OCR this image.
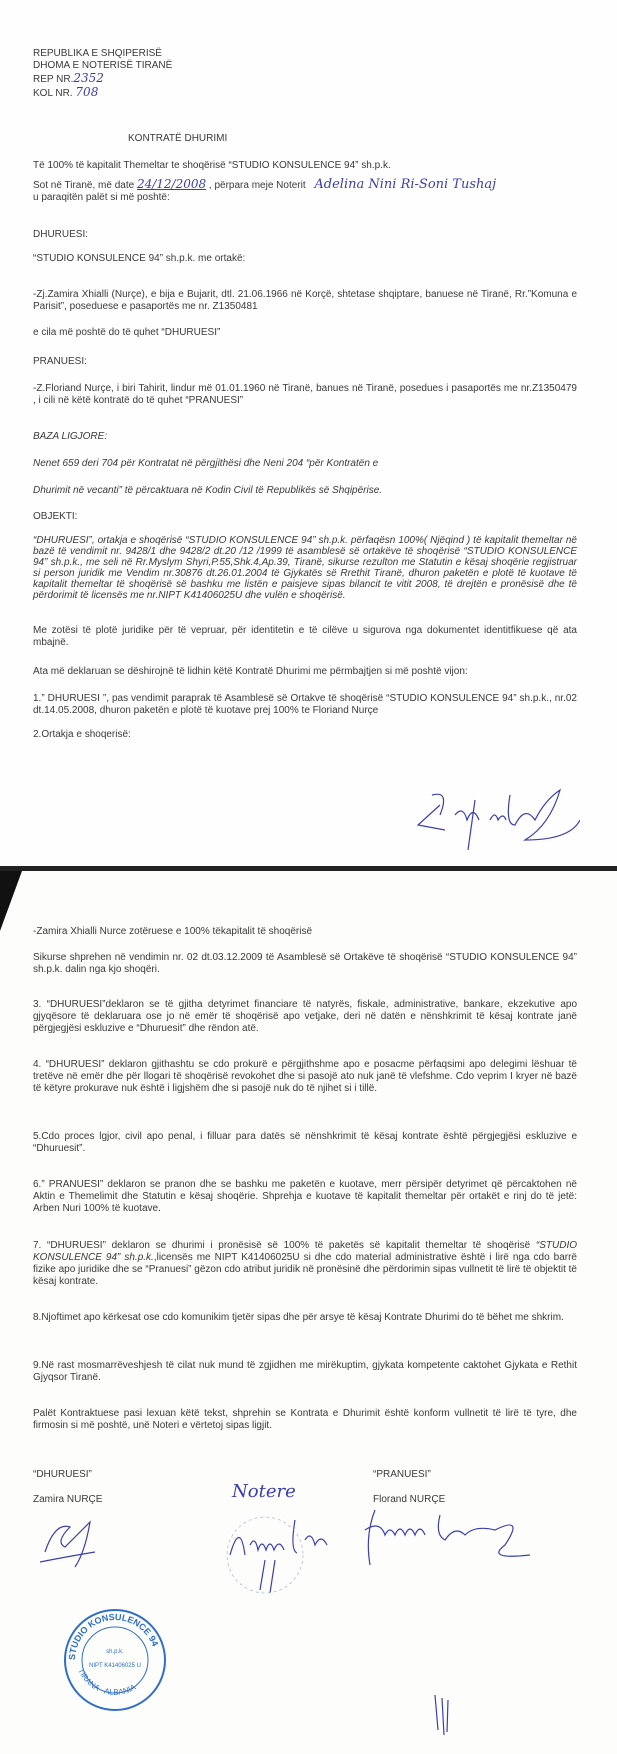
REPUBLIKA E SHQIPERISË
DHOMA E NOTERISË TIRANË
REP NR.2352
KOL NR. 708
KONTRATË DHURIMI
Të 100% të kapitalit Themeltar te shoqërisë “STUDIO KONSULENCE 94” sh.p.k.
Sot në Tiranë, më date 24/12/2008 , përpara meje Noterit Adelina Nini Ri-Soni Tushaj
u paraqitën palët si më poshtë:
DHURUESI:
“STUDIO KONSULENCE 94” sh.p.k. me ortakë:
-Zj.Zamira Xhialli (Nurçe), e bija e Bujarit, dtl. 21.06.1966 në Korçë, shtetase shqiptare, banuese në Tiranë, Rr.”Komuna e Parisit”, poseduese e pasaportës me nr. Z1350481
e cila më poshtë do të quhet “DHURUESI”
PRANUESI:
-Z.Floriand Nurçe, i biri Tahirit, lindur më 01.01.1960 në Tiranë, banues në Tiranë, posedues i pasaportës me nr.Z1350479 , i cili në këtë kontratë do të quhet “PRANUESI”
BAZA LIGJORE:
Nenet 659 deri 704 për Kontratat në përgjithësi dhe Neni 204 “për Kontratën e
Dhurimit në vecanti” të përcaktuara në Kodin Civil të Republikës së Shqipërise.
OBJEKTI:
“DHURUESI”, ortakja e shoqërisë “STUDIO KONSULENCE 94” sh.p.k. përfaqësn 100%( Njëqind ) të kapitalit themeltar në bazë të vendimit nr. 9428/1 dhe 9428/2 dt.20 /12 /1999 të asamblesë së ortakëve të shoqërisë “STUDIO KONSULENCE 94” sh.p.k., me seli në Rr.Myslym Shyri,P.55,Shk.4,Ap.39, Tiranë, sikurse rezulton me Statutin e kësaj shoqërie regjistruar si person juridik me Vendim nr.30876 dt.26.01.2004 të Gjykatës së Rrethit Tiranë, dhuron paketën e plotë të kuotave të kapitalit themeltar të shoqërisë së bashku me listën e paisjeve sipas bilancit te vitit 2008, të drejtën e pronësisë dhe të përdorimit të licensës me nr.NIPT K41406025U dhe vulën e shoqërisë.
Me zotësi të plotë juridike për të vepruar, për identitetin e të cilëve u sigurova nga dokumentet identitfikuese që ata mbajnë.
Ata më deklaruan se dëshirojnë të lidhin këtë Kontratë Dhurimi me përmbajtjen si më poshtë vijon:
1.” DHURUESI ”, pas vendimit paraprak të Asamblesë së Ortakve të shoqërisë “STUDIO KONSULENCE 94” sh.p.k., nr.02 dt.14.05.2008, dhuron paketën e plotë të kuotave prej 100% te Floriand Nurçe
2.Ortakja e shoqerisë:
-Zamira Xhialli Nurce zotëruese e 100% tëkapitalit të shoqërisë
Sikurse shprehen në vendimin nr. 02 dt.03.12.2009 të Asamblesë së Ortakëve të shoqërisë “STUDIO KONSULENCE 94” sh.p.k. dalin nga kjo shoqëri.
3. “DHURUESI”deklaron se të gjitha detyrimet financiare të natyrës, fiskale, administrative, bankare, ekzekutive apo gjyqësore të deklaruara ose jo në emër të shoqërisë apo vetjake, deri në datën e nënshkrimit të kësaj kontrate janë përgjegjësi eskluzive e “Dhuruesit” dhe rëndon atë.
4. “DHURUESI” deklaron gjithashtu se cdo prokurë e përgjithshme apo e posacme përfaqsimi apo delegimi lëshuar të tretëve në emër dhe për llogari të shoqërisë revokohet dhe si pasojë ato nuk janë të vlefshme. Cdo veprim I kryer në bazë të këtyre prokurave nuk është i ligjshëm dhe si pasojë nuk do të njihet si i tillë.
5.Cdo proces lgjor, civil apo penal, i filluar para datës së nënshkrimit të kësaj kontrate është përgjegjësi eskluzive e “Dhuruesit”.
6.” PRANUESI” deklaron se pranon dhe se bashku me paketën e kuotave, merr përsipër detyrimet që përcaktohen në Aktin e Themelimit dhe Statutin e kësaj shoqërie. Shprehja e kuotave të kapitalit themeltar për ortakët e rinj do të jetë: Arben Nuri 100% të kuotave.
7. “DHURUESI” deklaron se dhurimi i pronësisë së 100% të paketës së kapitalit themeltar të shoqërisë “STUDIO KONSULENCE 94” sh.p.k.,licensës me NIPT K41406025U si dhe cdo material administrative është i lirë nga cdo barrë fizike apo juridike dhe se “Pranuesi” gëzon cdo atribut juridik në pronësinë dhe përdorimin sipas vullnetit të lirë të objektit të kësaj kontrate.
8.Njoftimet apo kërkesat ose cdo komunikim tjetër sipas dhe për arsye të kësaj Kontrate Dhurimi do të bëhet me shkrim.
9.Në rast mosmarrëveshjesh të cilat nuk mund të zgjidhen me mirëkuptim, gjykata kompetente caktohet Gjykata e Rethit Gjyqsor Tiranë.
Palët Kontraktuese pasi lexuan këtë tekst, shprehin se Kontrata e Dhurimit është konform vullnetit të lirë të tyre, dhe firmosin si më poshtë, unë Noteri e vërtetoj sipas ligjit.
“DHURUESI”
Zamira NURÇE
“PRANUESI”
Florand NURÇE
Notere
STUDIO KONSULENCE 94
TIRANA - ALBANIA
sh.p.k.
NIPT K41406025 U
